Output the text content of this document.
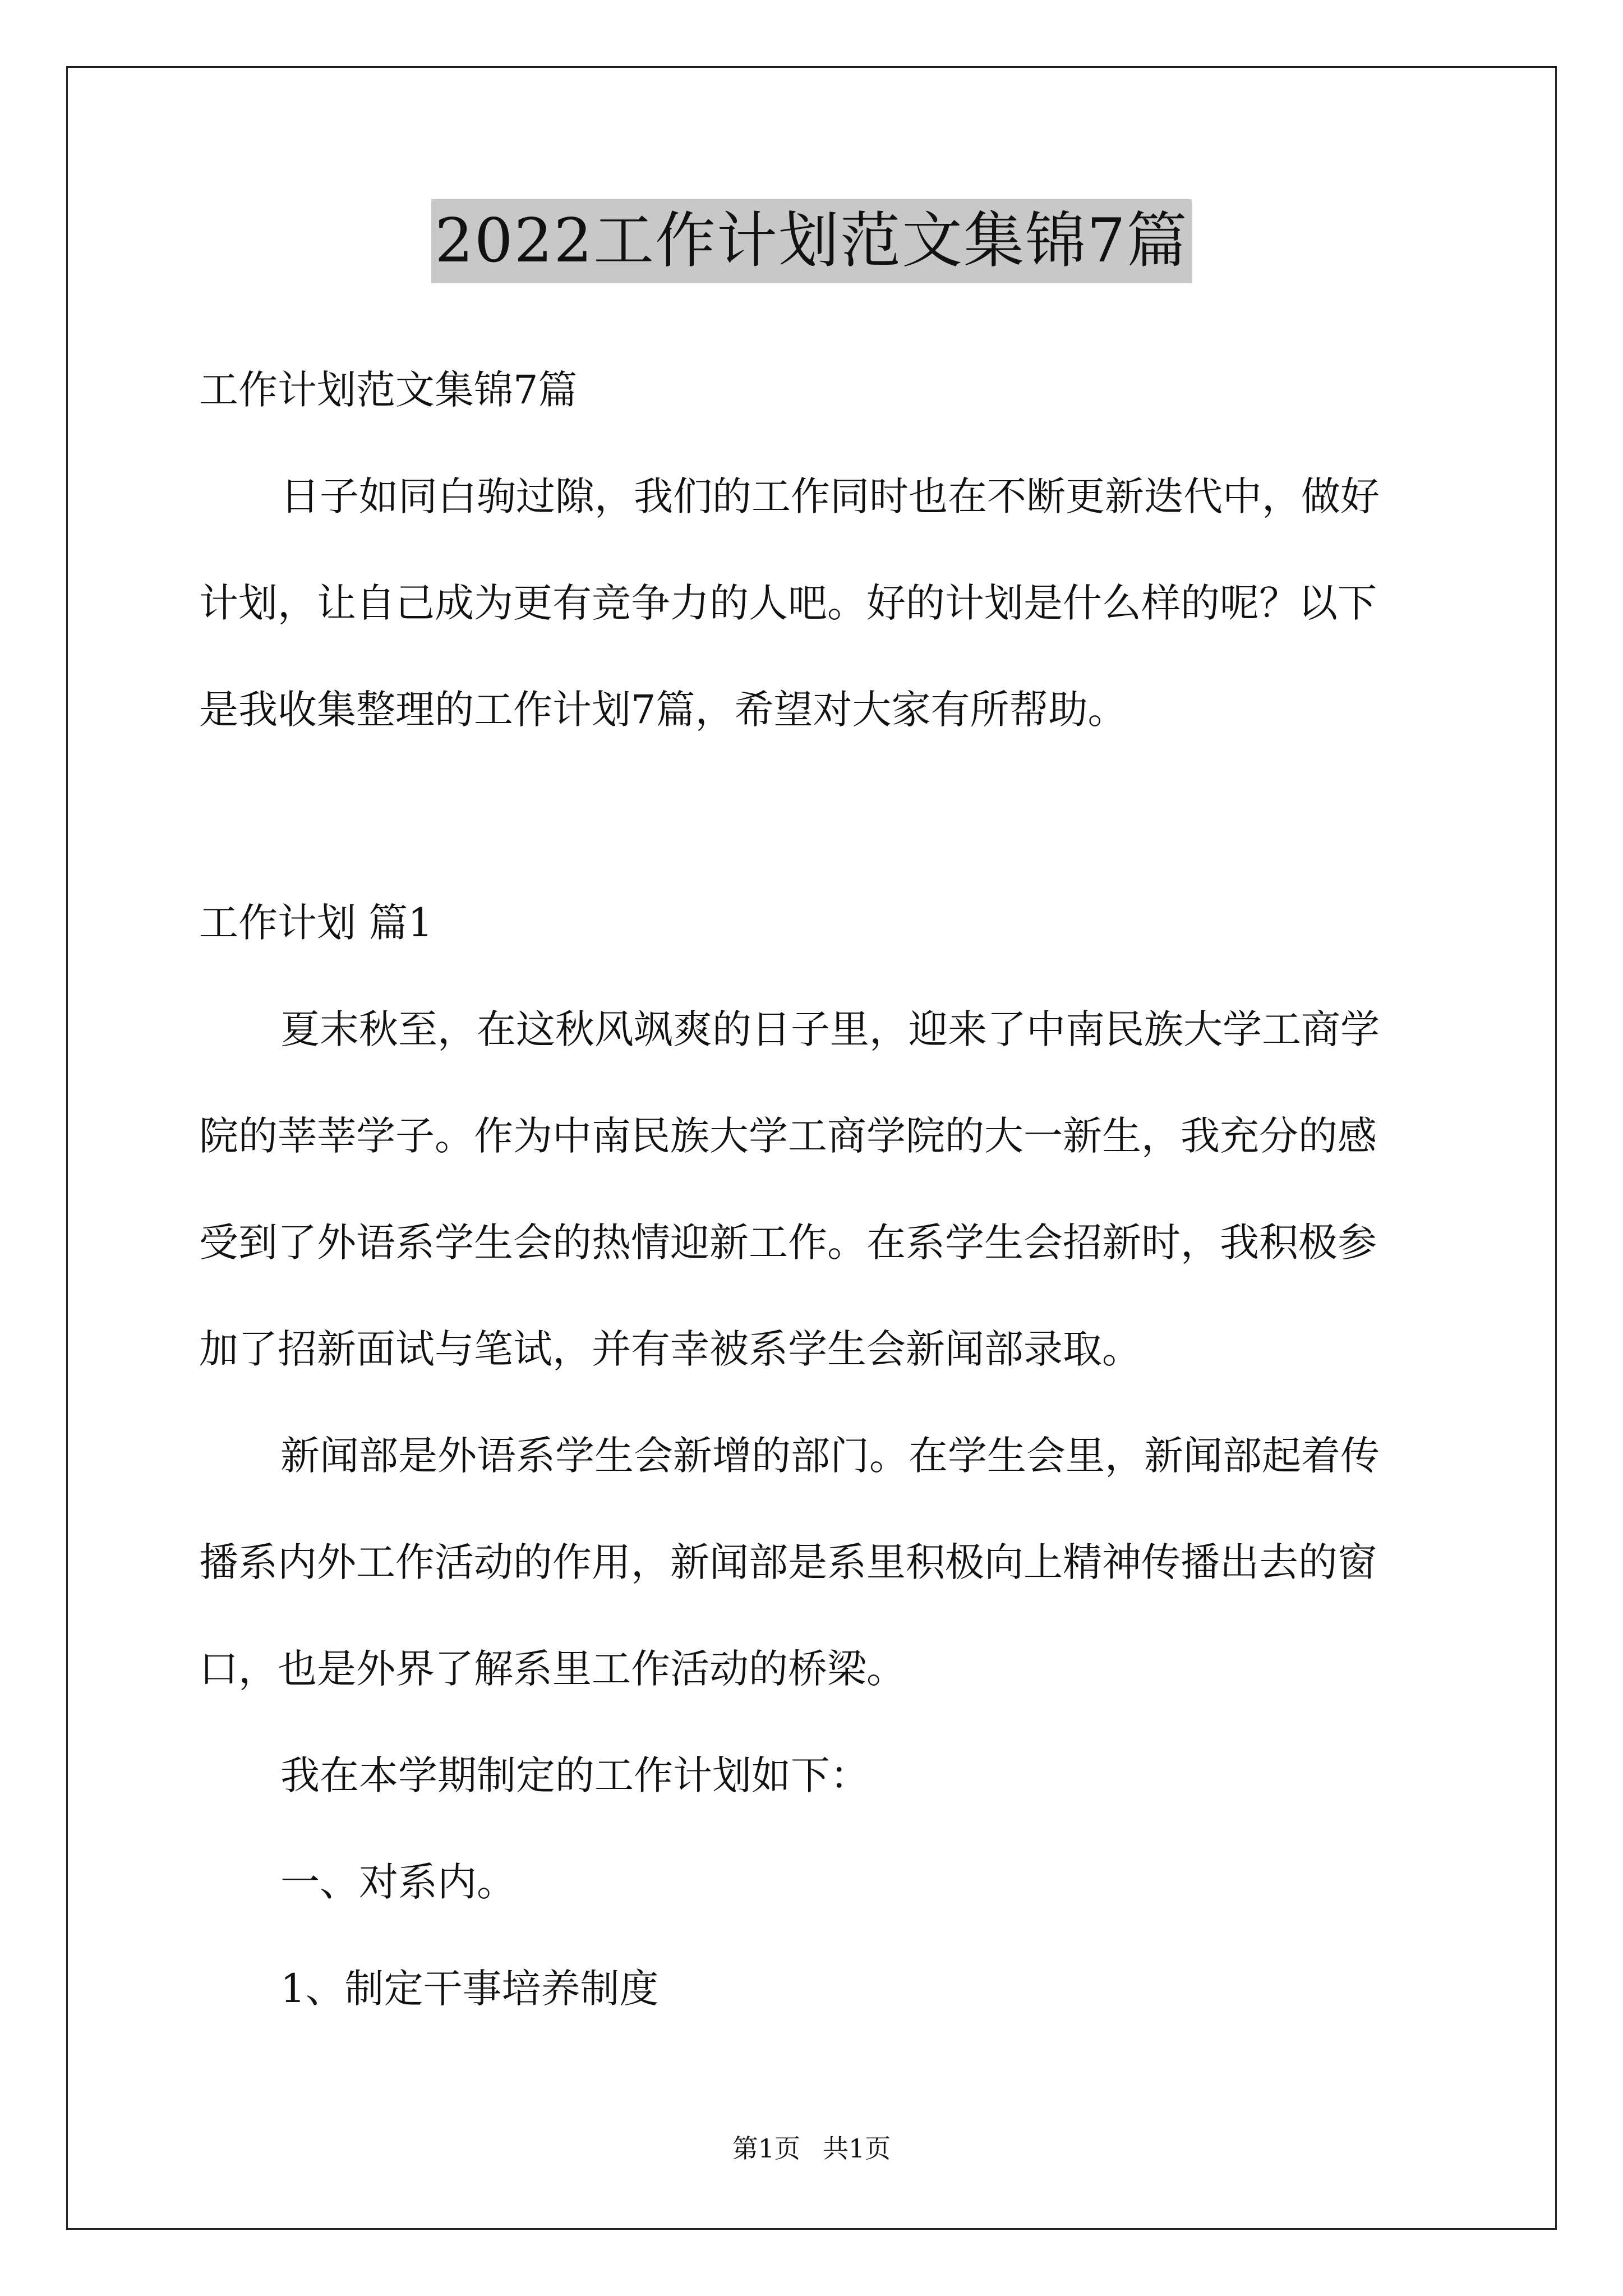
2022工作计划范文集锦7篇

工作计划范文集锦7篇

日子如同白驹过隙，我们的工作同时也在不断更新迭代中，做好

计划，让自己成为更有竞争力的人吧。好的计划是什么样的呢？以下

是我收集整理的工作计划7篇，希望对大家有所帮助。

工作计划 篇1

夏末秋至，在这秋风飒爽的日子里，迎来了中南民族大学工商学

院的莘莘学子。作为中南民族大学工商学院的大一新生，我充分的感

受到了外语系学生会的热情迎新工作。在系学生会招新时，我积极参

加了招新面试与笔试，并有幸被系学生会新闻部录取。

新闻部是外语系学生会新增的部门。在学生会里，新闻部起着传

播系内外工作活动的作用，新闻部是系里积极向上精神传播出去的窗

口，也是外界了解系里工作活动的桥梁。

我在本学期制定的工作计划如下：

一、对系内。

1、制定干事培养制度

第1页 共1页
